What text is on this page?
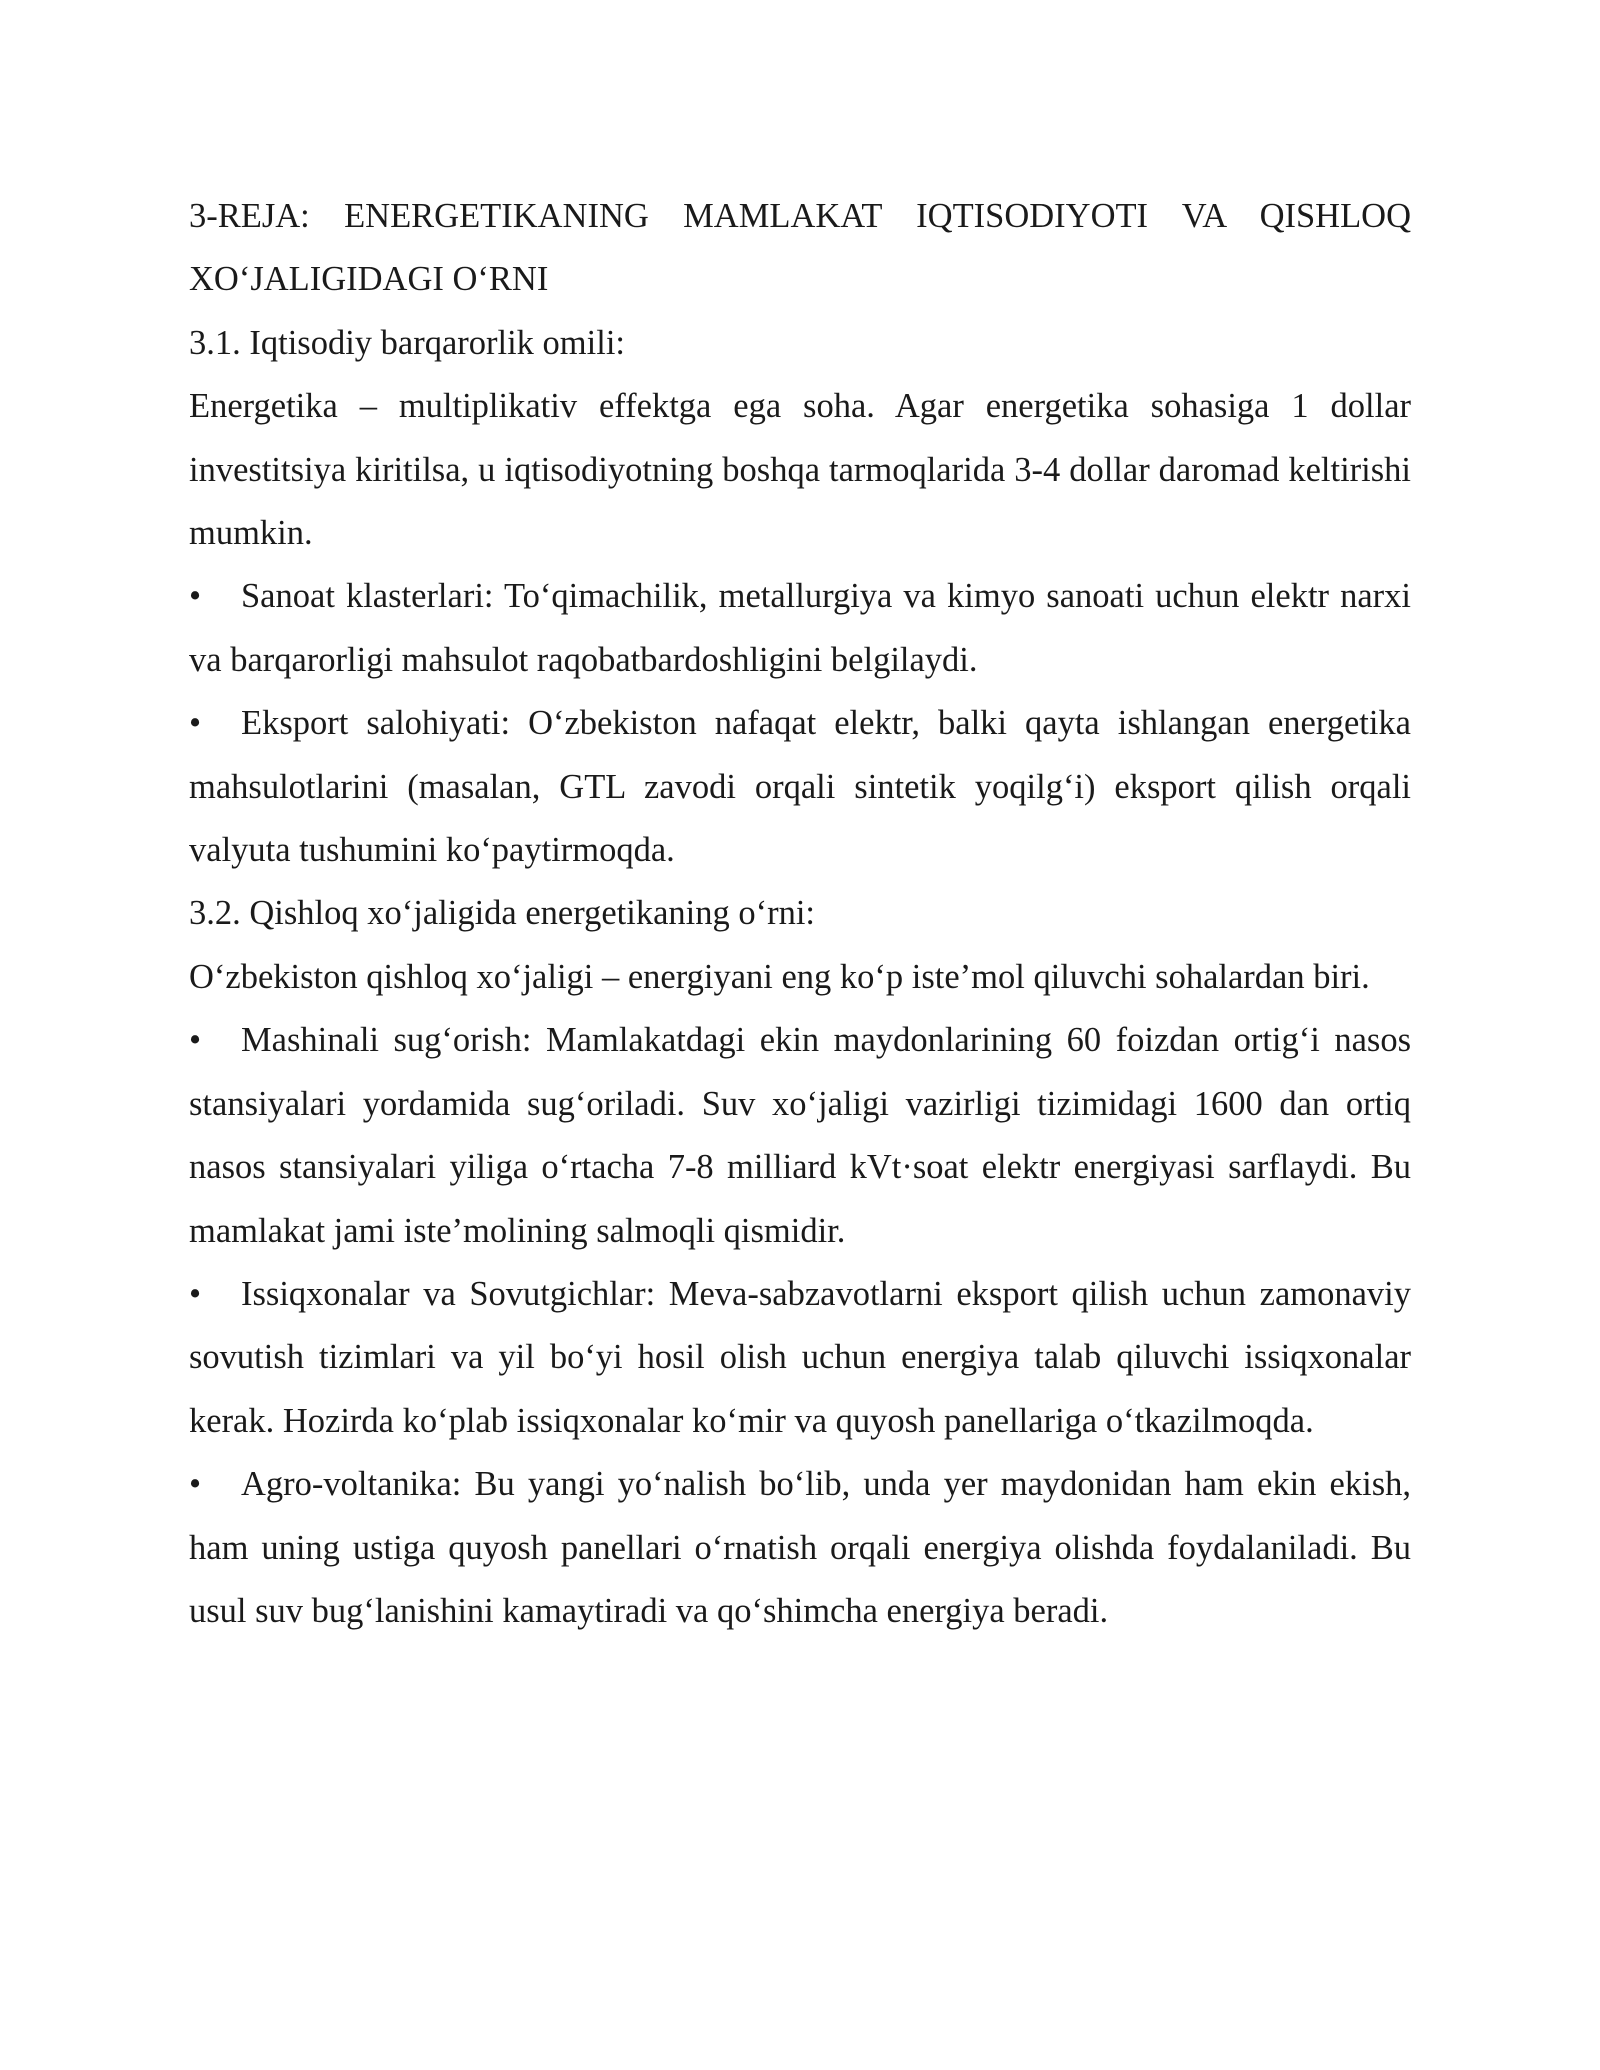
3-REJA: ENERGETIKANING MAMLAKAT IQTISODIYOTI VA QISHLOQ XO‘JALIGIDAGI O‘RNI

3.1. Iqtisodiy barqarorlik omili:

Energetika – multiplikativ effektga ega soha. Agar energetika sohasiga 1 dollar investitsiya kiritilsa, u iqtisodiyotning boshqa tarmoqlarida 3-4 dollar daromad keltirishi mumkin.

• Sanoat klasterlari: To‘qimachilik, metallurgiya va kimyo sanoati uchun elektr narxi va barqarorligi mahsulot raqobatbardoshligini belgilaydi.

• Eksport salohiyati: O‘zbekiston nafaqat elektr, balki qayta ishlangan energetika mahsulotlarini (masalan, GTL zavodi orqali sintetik yoqilg‘i) eksport qilish orqali valyuta tushumini ko‘paytirmoqda.

3.2. Qishloq xo‘jaligida energetikaning o‘rni:

O‘zbekiston qishloq xo‘jaligi – energiyani eng ko‘p iste’mol qiluvchi sohalardan biri.

• Mashinali sug‘orish: Mamlakatdagi ekin maydonlarining 60 foizdan ortig‘i nasos stansiyalari yordamida sug‘oriladi. Suv xo‘jaligi vazirligi tizimidagi 1600 dan ortiq nasos stansiyalari yiliga o‘rtacha 7-8 milliard kVt·soat elektr energiyasi sarflaydi. Bu mamlakat jami iste’molining salmoqli qismidir.

• Issiqxonalar va Sovutgichlar: Meva-sabzavotlarni eksport qilish uchun zamonaviy sovutish tizimlari va yil bo‘yi hosil olish uchun energiya talab qiluvchi issiqxonalar kerak. Hozirda ko‘plab issiqxonalar ko‘mir va quyosh panellariga o‘tkazilmoqda.

• Agro-voltanika: Bu yangi yo‘nalish bo‘lib, unda yer maydonidan ham ekin ekish, ham uning ustiga quyosh panellari o‘rnatish orqali energiya olishda foydalaniladi. Bu usul suv bug‘lanishini kamaytiradi va qo‘shimcha energiya beradi.
